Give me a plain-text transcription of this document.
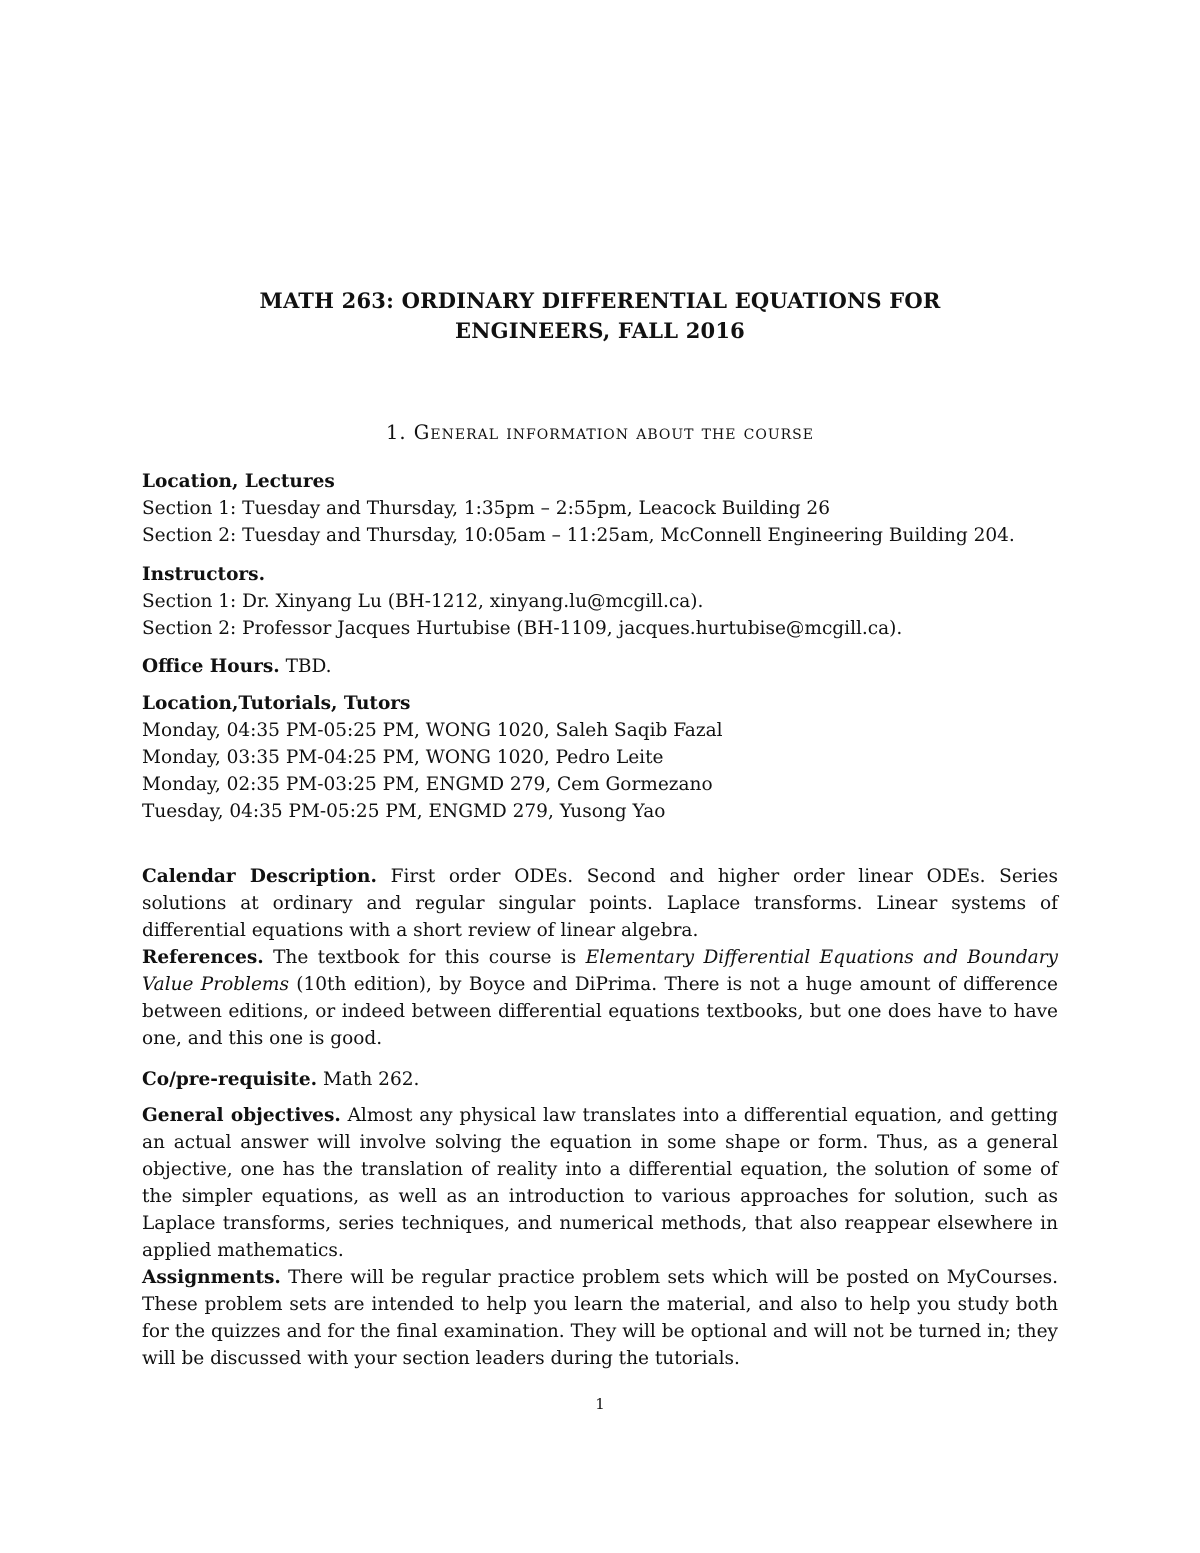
MATH 263: ORDINARY DIFFERENTIAL EQUATIONS FOR
ENGINEERS, FALL 2016
1. General information about the course

Location, Lectures

Section 1: Tuesday and Thursday, 1:35pm – 2:55pm, Leacock Building 26

Section 2: Tuesday and Thursday, 10:05am – 11:25am, McConnell Engineering Building 204.

Instructors.

Section 1: Dr. Xinyang Lu (BH-1212, xinyang.lu@mcgill.ca).

Section 2: Professor Jacques Hurtubise (BH-1109, jacques.hurtubise@mcgill.ca).

Office Hours. TBD.

Location,Tutorials, Tutors

Monday, 04:35 PM-05:25 PM, WONG 1020, Saleh Saqib Fazal

Monday, 03:35 PM-04:25 PM, WONG 1020, Pedro Leite

Monday, 02:35 PM-03:25 PM, ENGMD 279, Cem Gormezano

Tuesday, 04:35 PM-05:25 PM, ENGMD 279, Yusong Yao

Calendar Description. First order ODEs. Second and higher order linear ODEs. Series solutions at ordinary and regular singular points. Laplace transforms. Linear systems of differential equations with a short review of linear algebra.

References. The textbook for this course is Elementary Differential Equations and Boundary Value Problems (10th edition), by Boyce and DiPrima. There is not a huge amount of difference between editions, or indeed between differential equations textbooks, but one does have to have one, and this one is good.

Co/pre-requisite. Math 262.

General objectives. Almost any physical law translates into a differential equation, and getting an actual answer will involve solving the equation in some shape or form. Thus, as a general objective, one has the translation of reality into a differential equation, the solution of some of the simpler equations, as well as an introduction to various approaches for solution, such as Laplace transforms, series techniques, and numerical methods, that also reappear elsewhere in applied mathematics.

Assignments. There will be regular practice problem sets which will be posted on MyCourses. These problem sets are intended to help you learn the material, and also to help you study both for the quizzes and for the final examination. They will be optional and will not be turned in; they will be discussed with your section leaders during the tutorials.

1
